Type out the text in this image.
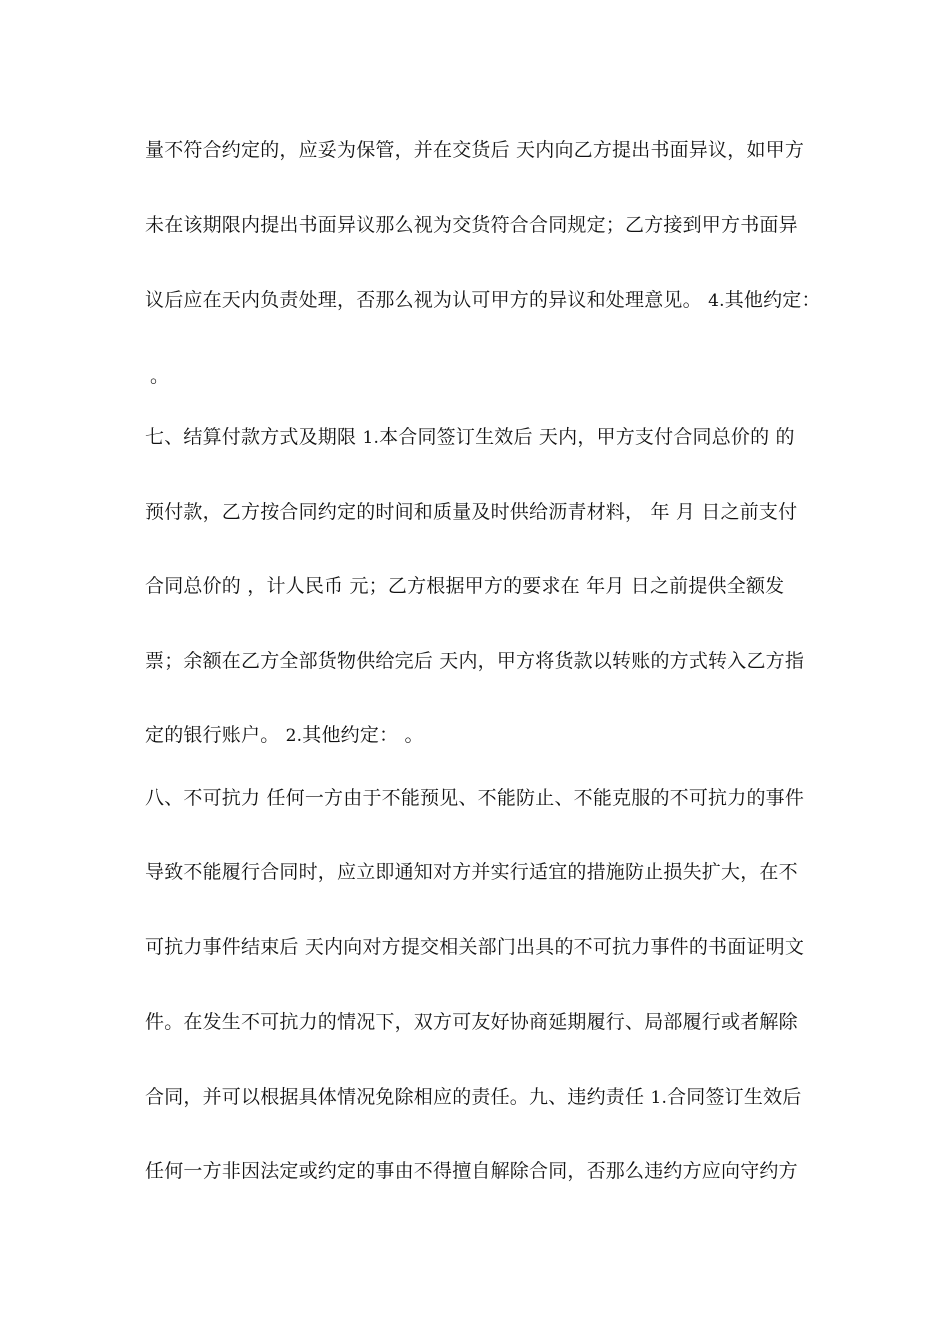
量不符合约定的，应妥为保管，并在交货后 天内向乙方提出书面异议，如甲方
未在该期限内提出书面异议那么视为交货符合合同规定；乙方接到甲方书面异
议后应在天内负责处理，否那么视为认可甲方的异议和处理意见。 4.其他约定：
。
七、结算付款方式及期限 1.本合同签订生效后 天内，甲方支付合同总价的 的
预付款，乙方按合同约定的时间和质量及时供给沥青材料， 年 月 日之前支付
合同总价的 ，计人民币 元；乙方根据甲方的要求在 年月 日之前提供全额发
票；余额在乙方全部货物供给完后 天内，甲方将货款以转账的方式转入乙方指
定的银行账户。 2.其他约定： 。
八、不可抗力 任何一方由于不能预见、不能防止、不能克服的不可抗力的事件
导致不能履行合同时，应立即通知对方并实行适宜的措施防止损失扩大，在不
可抗力事件结束后 天内向对方提交相关部门出具的不可抗力事件的书面证明文
件。在发生不可抗力的情况下，双方可友好协商延期履行、局部履行或者解除
合同，并可以根据具体情况免除相应的责任。九、违约责任 1.合同签订生效后
任何一方非因法定或约定的事由不得擅自解除合同，否那么违约方应向守约方
